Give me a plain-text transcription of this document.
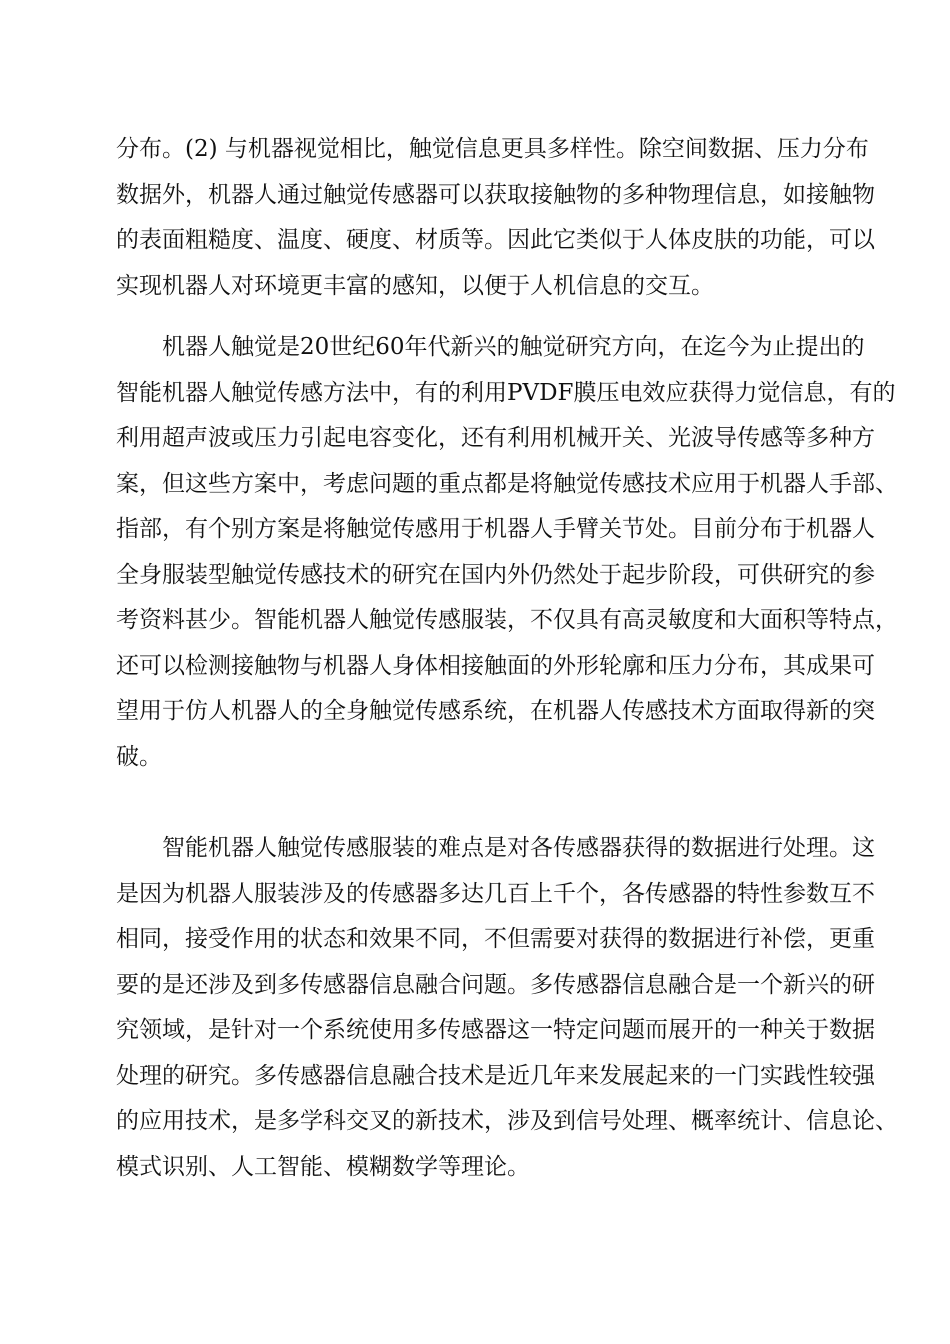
分布。(2) 与机器视觉相比，触觉信息更具多样性。除空间数据、压力分布
数据外，机器人通过触觉传感器可以获取接触物的多种物理信息，如接触物
的表面粗糙度、温度、硬度、材质等。因此它类似于人体皮肤的功能，可以
实现机器人对环境更丰富的感知，以便于人机信息的交互。
机器人触觉是20世纪60年代新兴的触觉研究方向，在迄今为止提出的
智能机器人触觉传感方法中，有的利用PVDF膜压电效应获得力觉信息，有的
利用超声波或压力引起电容变化，还有利用机械开关、光波导传感等多种方
案，但这些方案中，考虑问题的重点都是将触觉传感技术应用于机器人手部、
指部，有个别方案是将触觉传感用于机器人手臂关节处。目前分布于机器人
全身服装型触觉传感技术的研究在国内外仍然处于起步阶段，可供研究的参
考资料甚少。智能机器人触觉传感服装，不仅具有高灵敏度和大面积等特点，
还可以检测接触物与机器人身体相接触面的外形轮廓和压力分布，其成果可
望用于仿人机器人的全身触觉传感系统，在机器人传感技术方面取得新的突
破。
智能机器人触觉传感服装的难点是对各传感器获得的数据进行处理。这
是因为机器人服装涉及的传感器多达几百上千个，各传感器的特性参数互不
相同，接受作用的状态和效果不同，不但需要对获得的数据进行补偿，更重
要的是还涉及到多传感器信息融合问题。多传感器信息融合是一个新兴的研
究领域，是针对一个系统使用多传感器这一特定问题而展开的一种关于数据
处理的研究。多传感器信息融合技术是近几年来发展起来的一门实践性较强
的应用技术，是多学科交叉的新技术，涉及到信号处理、概率统计、信息论、
模式识别、人工智能、模糊数学等理论。
